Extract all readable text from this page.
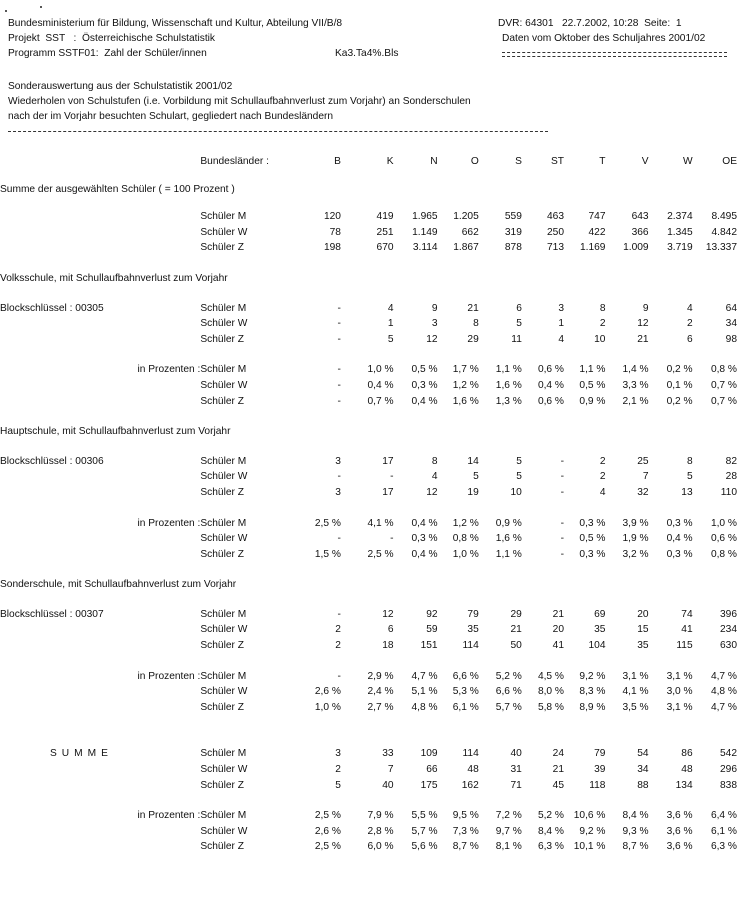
Bundesministerium für Bildung, Wissenschaft und Kultur, Abteilung VII/B/8	DVR: 64301   22.7.2002, 10:28  Seite:  1
Projekt  SST   :  Österreichische Schulstatistik	Daten vom Oktober des Schuljahres 2001/02
Programm SSTF01:  Zahl der Schüler/innen	Ka3.Ta4%.Bls
Sonderauswertung aus der Schulstatistik 2001/02
Wiederholen von Schulstufen (i.e. Vorbildung mit Schullaufbahnverlust zum Vorjahr) an Sonderschulen
nach der im Vorjahr besuchten Schulart, gegliedert nach Bundesländern
	Bundesländer :	B	K	N	O	S	ST	T	V	W	OE

Summe der ausgewählten Schüler ( = 100 Prozent )											

	Schüler M	120	419	1.965	1.205	559	463	747	643	2.374	8.495
	Schüler W	78	251	1.149	662	319	250	422	366	1.345	4.842
	Schüler Z	198	670	3.114	1.867	878	713	1.169	1.009	3.719	13.337

Volksschule, mit Schullaufbahnverlust zum Vorjahr											

Blockschlüssel : 00305	Schüler M	-	4	9	21	6	3	8	9	4	64
	Schüler W	-	1	3	8	5	1	2	12	2	34
	Schüler Z	-	5	12	29	11	4	10	21	6	98

in Prozenten :	Schüler M	-	1,0 %	0,5 %	1,7 %	1,1 %	0,6 %	1,1 %	1,4 %	0,2 %	0,8 %
	Schüler W	-	0,4 %	0,3 %	1,2 %	1,6 %	0,4 %	0,5 %	3,3 %	0,1 %	0,7 %
	Schüler Z	-	0,7 %	0,4 %	1,6 %	1,3 %	0,6 %	0,9 %	2,1 %	0,2 %	0,7 %

Hauptschule, mit Schullaufbahnverlust zum Vorjahr											

Blockschlüssel : 00306	Schüler M	3	17	8	14	5	-	2	25	8	82
	Schüler W	-	-	4	5	5	-	2	7	5	28
	Schüler Z	3	17	12	19	10	-	4	32	13	110

in Prozenten :	Schüler M	2,5 %	4,1 %	0,4 %	1,2 %	0,9 %	-	0,3 %	3,9 %	0,3 %	1,0 %
	Schüler W	-	-	0,3 %	0,8 %	1,6 %	-	0,5 %	1,9 %	0,4 %	0,6 %
	Schüler Z	1,5 %	2,5 %	0,4 %	1,0 %	1,1 %	-	0,3 %	3,2 %	0,3 %	0,8 %

Sonderschule, mit Schullaufbahnverlust zum Vorjahr											

Blockschlüssel : 00307	Schüler M	-	12	92	79	29	21	69	20	74	396
	Schüler W	2	6	59	35	21	20	35	15	41	234
	Schüler Z	2	18	151	114	50	41	104	35	115	630

in Prozenten :	Schüler M	-	2,9 %	4,7 %	6,6 %	5,2 %	4,5 %	9,2 %	3,1 %	3,1 %	4,7 %
	Schüler W	2,6 %	2,4 %	5,1 %	5,3 %	6,6 %	8,0 %	8,3 %	4,1 %	3,0 %	4,8 %
	Schüler Z	1,0 %	2,7 %	4,8 %	6,1 %	5,7 %	5,8 %	8,9 %	3,5 %	3,1 %	4,7 %

SUMME	Schüler M	3	33	109	114	40	24	79	54	86	542
	Schüler W	2	7	66	48	31	21	39	34	48	296
	Schüler Z	5	40	175	162	71	45	118	88	134	838

in Prozenten :	Schüler M	2,5 %	7,9 %	5,5 %	9,5 %	7,2 %	5,2 %	10,6 %	8,4 %	3,6 %	6,4 %
	Schüler W	2,6 %	2,8 %	5,7 %	7,3 %	9,7 %	8,4 %	9,2 %	9,3 %	3,6 %	6,1 %
	Schüler Z	2,5 %	6,0 %	5,6 %	8,7 %	8,1 %	6,3 %	10,1 %	8,7 %	3,6 %	6,3 %
